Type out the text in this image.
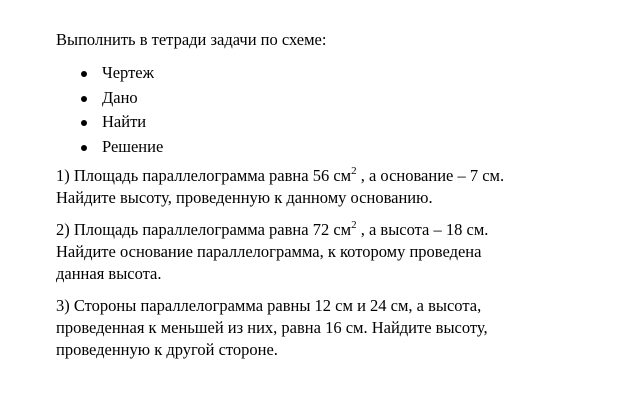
Выполнить в тетради задачи по схеме:

Чертеж
Дано
Найти
Решение
1) Площадь параллелограмма равна 56 $см^2$ , а основание – 7 см.
Найдите высоту, проведенную к данному основанию.
2) Площадь параллелограмма равна 72 $см^2$ , а высота – 18 см.
Найдите основание параллелограмма, к которому проведена
данная высота.
3) Стороны параллелограмма равны 12 см и 24 см, а высота,
проведенная к меньшей из них, равна 16 см. Найдите высоту,
проведенную к другой стороне.
